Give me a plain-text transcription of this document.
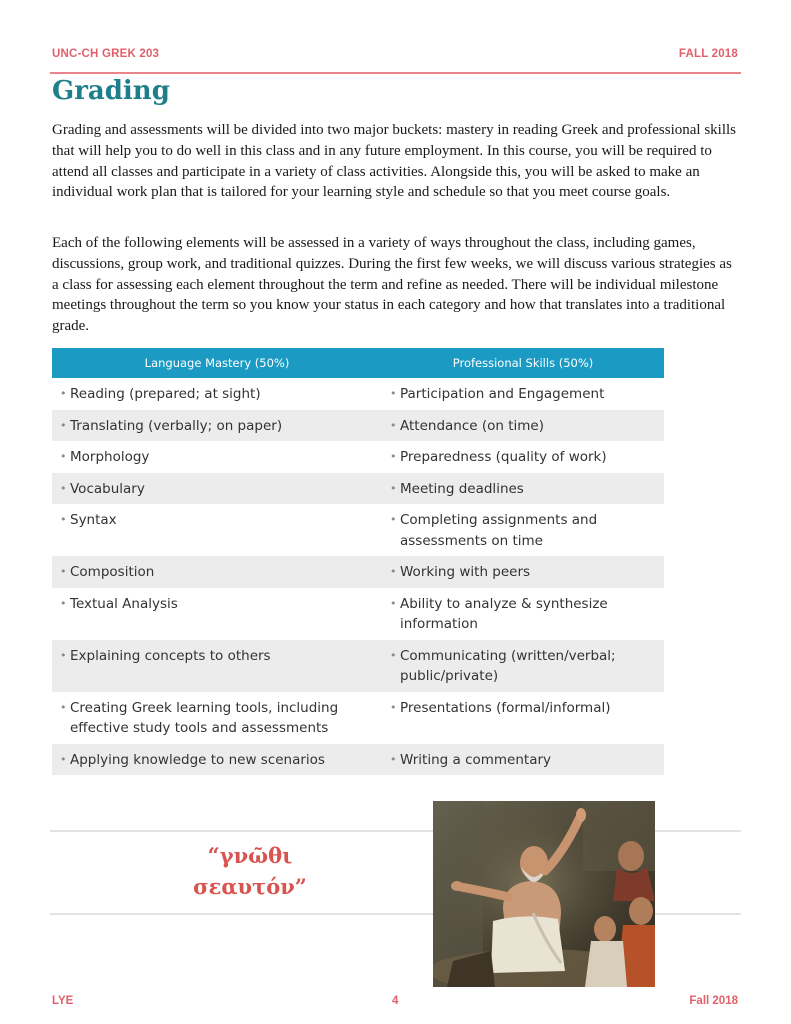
UNC-CH GREK 203	FALL 2018
Grading

Grading and assessments will be divided into two major buckets: mastery in reading Greek and professional skills that will help you to do well in this class and in any future employment. In this course, you will be required to attend all classes and participate in a variety of class activities. Alongside this, you will be asked to make an individual work plan that is tailored for your learning style and schedule so that you meet course goals.

Each of the following elements will be assessed in a variety of ways throughout the class, including games, discussions, group work, and traditional quizzes. During the first few weeks, we will discuss various strategies as a class for assessing each element throughout the term and refine as needed. There will be individual milestone meetings throughout the term so you know your status in each category and how that translates into a traditional grade.

Language Mastery (50%)	Professional Skills (50%)

• Reading (prepared; at sight)	• Participation and Engagement

• Translating (verbally; on paper)	• Attendance (on time)

• Morphology	• Preparedness (quality of work)

• Vocabulary	• Meeting deadlines

• Syntax	• Completing assignments and assessments on time

• Composition	• Working with peers

• Textual Analysis	• Ability to analyze & synthesize information

• Explaining concepts to others	• Communicating (written/verbal; public/private)

• Creating Greek learning tools, including effective study tools and assessments	• Presentations (formal/informal)

• Applying knowledge to new scenarios	• Writing a commentary
“γνῶθι σεαυτόν”
LYE	4	Fall 2018
